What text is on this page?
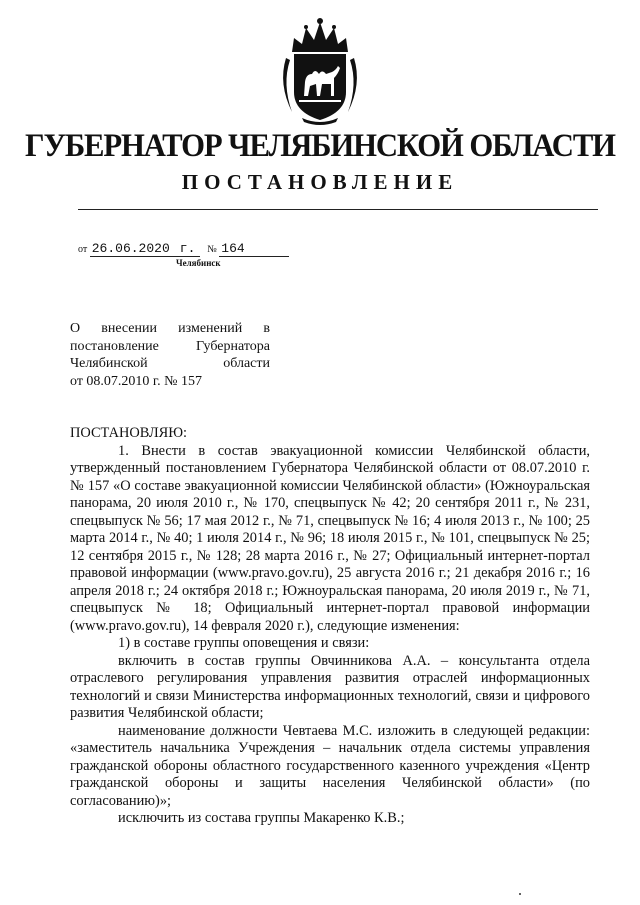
ГУБЕРНАТОР ЧЕЛЯБИНСКОЙ ОБЛАСТИ
ПОСТАНОВЛЕНИЕ
от 26.06.2020 г. № 164
Челябинск
О внесении изменений в
постановление Губернатора
Челябинской области
от 08.07.2010 г. № 157

ПОСТАНОВЛЯЮ:

1. Внести в состав эвакуационной комиссии Челябинской области, утвержденный постановлением Губернатора Челябинской области от 08.07.2010 г. № 157 «О составе эвакуационной комиссии Челябинской области» (Южноуральская панорама, 20 июля 2010 г., № 170, спецвыпуск № 42; 20 сентября 2011 г., № 231, спецвыпуск № 56; 17 мая 2012 г., № 71, спецвыпуск № 16; 4 июля 2013 г., № 100; 25 марта 2014 г., № 40; 1 июля 2014 г., № 96; 18 июля 2015 г., № 101, спецвыпуск № 25; 12 сентября 2015 г., № 128; 28 марта 2016 г., № 27; Официальный интернет-портал правовой информации (www.pravo.gov.ru), 25 августа 2016 г.; 21 декабря 2016 г.; 16 апреля 2018 г.; 24 октября 2018 г.; Южноуральская панорама, 20 июля 2019 г., № 71, спецвыпуск № 18; Официальный интернет-портал правовой информации (www.pravo.gov.ru), 14 февраля 2020 г.), следующие изменения:

1) в составе группы оповещения и связи:

включить в состав группы Овчинникова А.А. – консультанта отдела отраслевого регулирования управления развития отраслей информационных технологий и связи Министерства информационных технологий, связи и цифрового развития Челябинской области;

наименование должности Чевтаева М.С. изложить в следующей редакции: «заместитель начальника Учреждения – начальник отдела системы управления гражданской обороны областного государственного казенного учреждения «Центр гражданской обороны и защиты населения Челябинской области» (по согласованию)»;

исключить из состава группы Макаренко К.В.;
